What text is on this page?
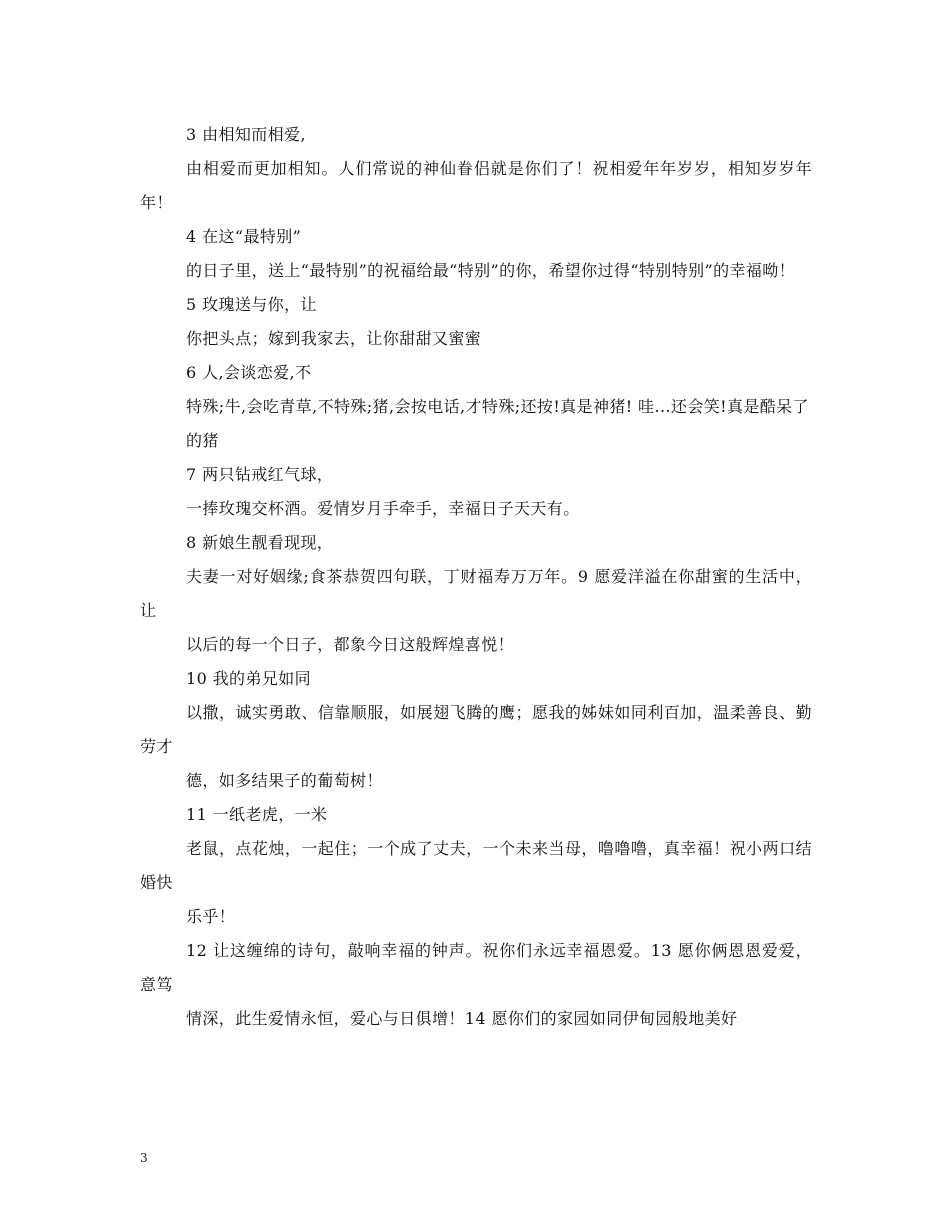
3 由相知而相爱,

由相爱而更加相知。人们常说的神仙眷侣就是你们了！祝相爱年年岁岁，相知岁岁年年！

4 在这“最特别”

的日子里，送上“最特别”的祝福给最“特别”的你，希望你过得“特别特别”的幸福呦！

5 玫瑰送与你，让

你把头点；嫁到我家去，让你甜甜又蜜蜜

6 人,会谈恋爱,不

特殊;牛,会吃青草,不特殊;猪,会按电话,才特殊;还按!真是神猪! 哇...还会笑!真是酷呆了

的猪

7 两只钻戒红气球，

一捧玫瑰交杯酒。爱情岁月手牵手，幸福日子天天有。

8 新娘生靓看现现，

夫妻一对好姻缘;食茶恭贺四句联，丁财福寿万万年。9 愿爱洋溢在你甜蜜的生活中，让

以后的每一个日子，都象今日这般辉煌喜悦！

10 我的弟兄如同

以撒，诚实勇敢、信靠顺服，如展翅飞腾的鹰；愿我的姊妹如同利百加，温柔善良、勤劳才

德，如多结果子的葡萄树！

11 一纸老虎，一米

老鼠，点花烛，一起住；一个成了丈夫，一个未来当母，噜噜噜，真幸福！祝小两口结婚快

乐乎！

12 让这缠绵的诗句，敲响幸福的钟声。祝你们永远幸福恩爱。13 愿你俩恩恩爱爱，意笃

情深，此生爱情永恒，爱心与日俱增！14 愿你们的家园如同伊甸园般地美好

3
